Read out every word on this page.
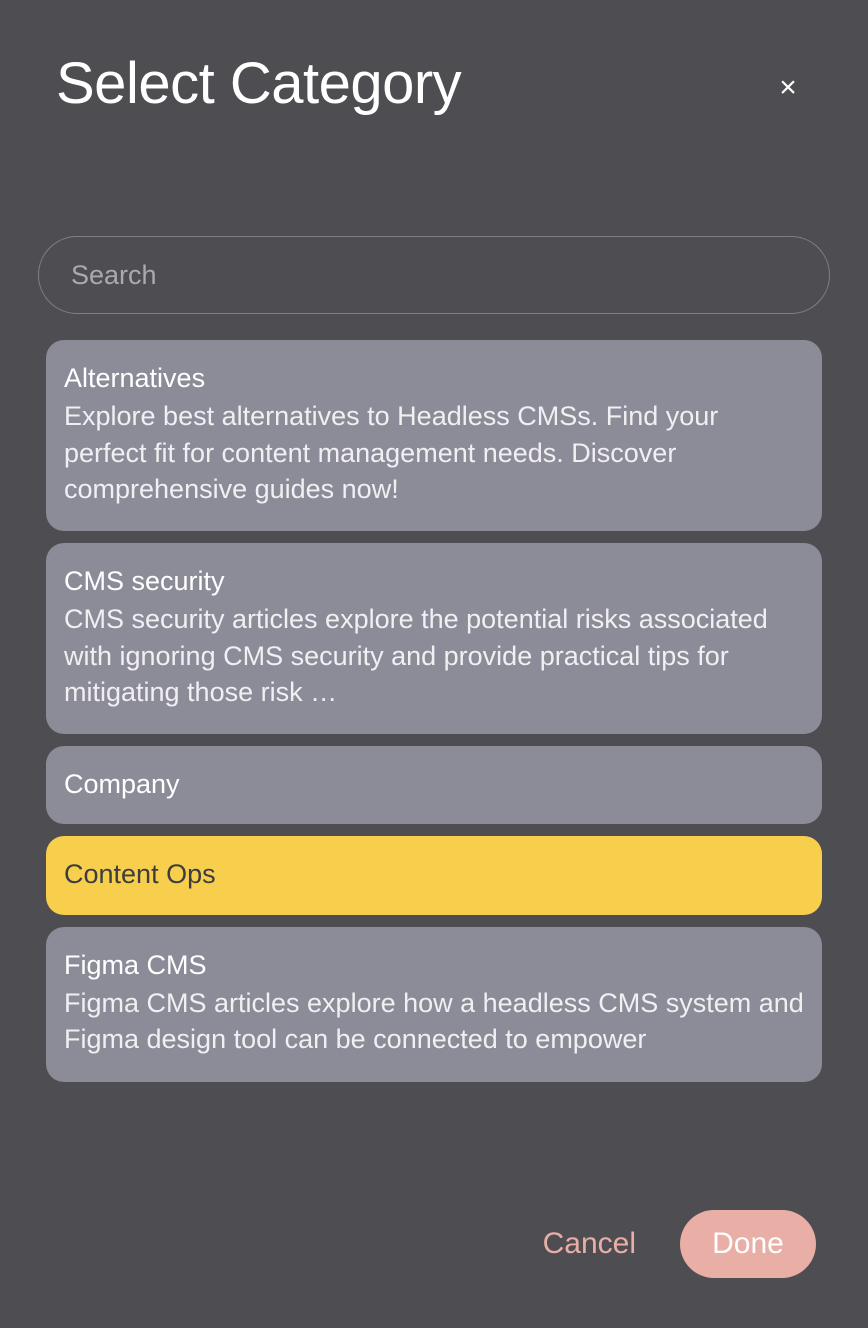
Select Category	×
Search
Alternatives
Explore best alternatives to Headless CMSs. Find your perfect fit for content management needs. Discover comprehensive guides now!
CMS security
CMS security articles explore the potential risks associated with ignoring CMS security and provide practical tips for mitigating those risk …
Company
Content Ops
Figma CMS
Figma CMS articles explore how a headless CMS system and Figma design tool can be connected to empower
Cancel	Done
